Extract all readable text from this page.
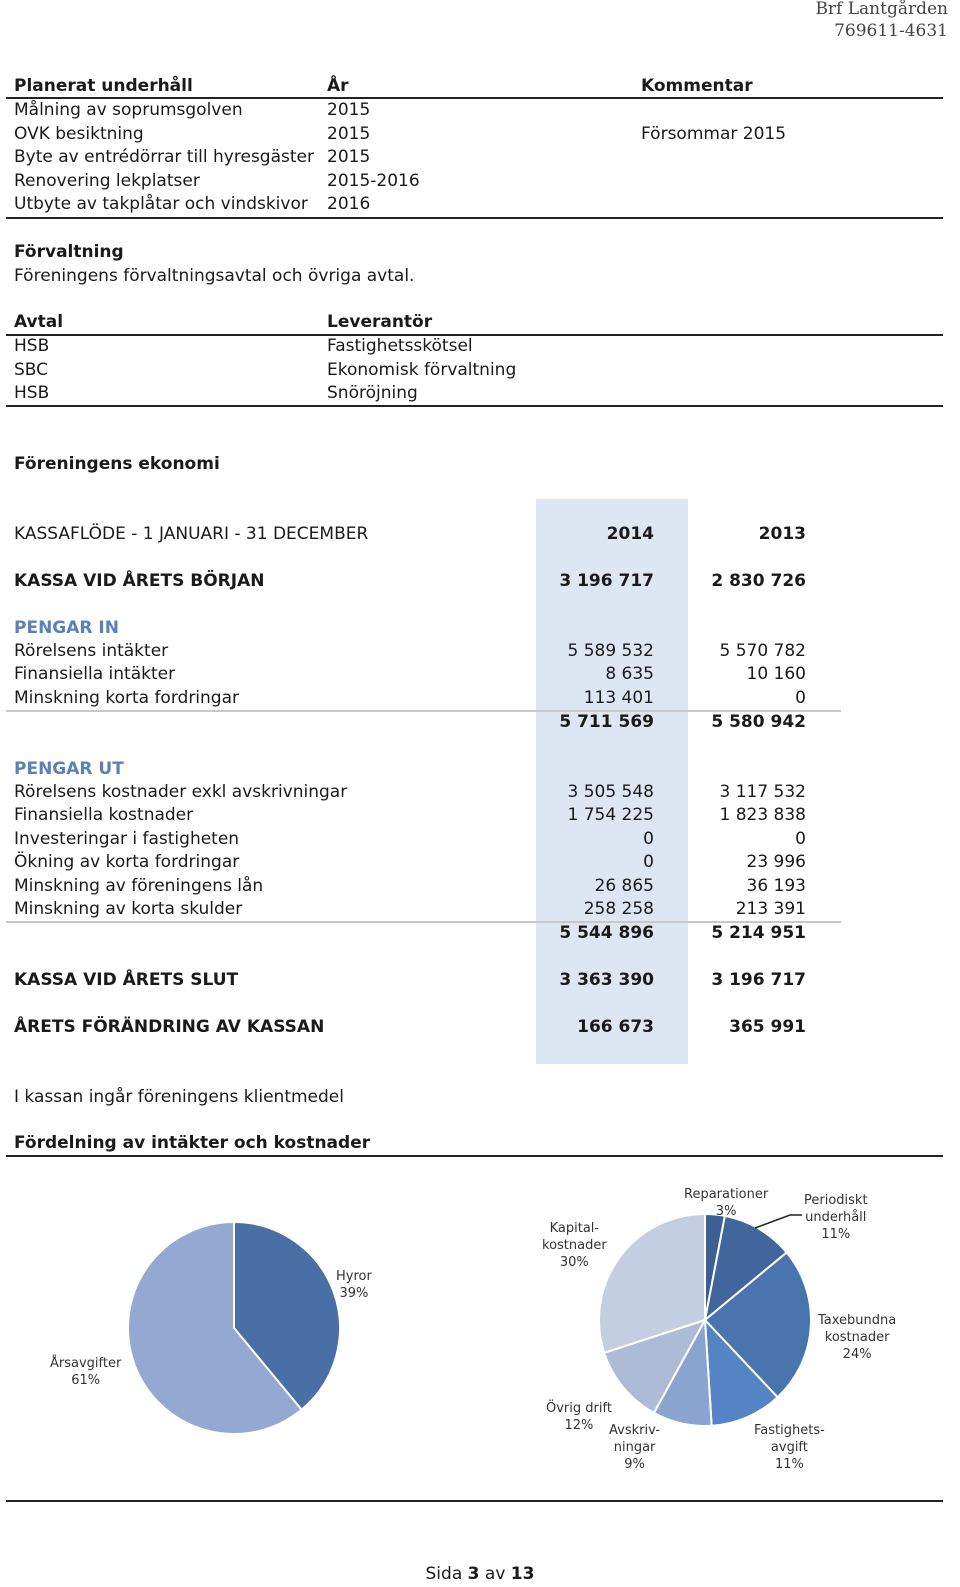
Brf Lantgården
769611-4631
Planerat underhåll	År	Kommentar
Målning av soprumsgolven	2015
OVK besiktning	2015	Försommar 2015
Byte av entrédörrar till hyresgäster 2015
Renovering lekplatser	2015-2016
Utbyte av takplåtar och vindskivor 2016
Förvaltning
Föreningens förvaltningsavtal och övriga avtal.
Avtal	Leverantör
HSB	Fastighetsskötsel
SBC	Ekonomisk förvaltning
HSB	Snöröjning
Föreningens ekonomi
KASSAFLÖDE - 1 JANUARI - 31 DECEMBER	2014	2013
KASSA VID ÅRETS BÖRJAN	3 196 717	2 830 726
PENGAR IN
Rörelsens intäkter	5 589 532	5 570 782
Finansiella intäkter	8 635	10 160
Minskning korta fordringar	113 401	0
5 711 569	5 580 942
PENGAR UT
Rörelsens kostnader exkl avskrivningar	3 505 548	3 117 532
Finansiella kostnader	1 754 225	1 823 838
Investeringar i fastigheten	0	0
Ökning av korta fordringar	0	23 996
Minskning av föreningens lån	26 865	36 193
Minskning av korta skulder	258 258	213 391
5 544 896	5 214 951
KASSA VID ÅRETS SLUT	3 363 390	3 196 717
ÅRETS FÖRÄNDRING AV KASSAN	166 673	365 991
I kassan ingår föreningens klientmedel
Fördelning av intäkter och kostnader
Hyror
39%
Årsavgifter
61%
Reparationer
3%
Periodiskt
underhåll
11%
Taxebundna
kostnader
24%
Fastighets-
avgift
11%
Avskriv-
ningar
9%
Övrig drift
12%
Kapital-
kostnader
30%
Sida 3 av 13
